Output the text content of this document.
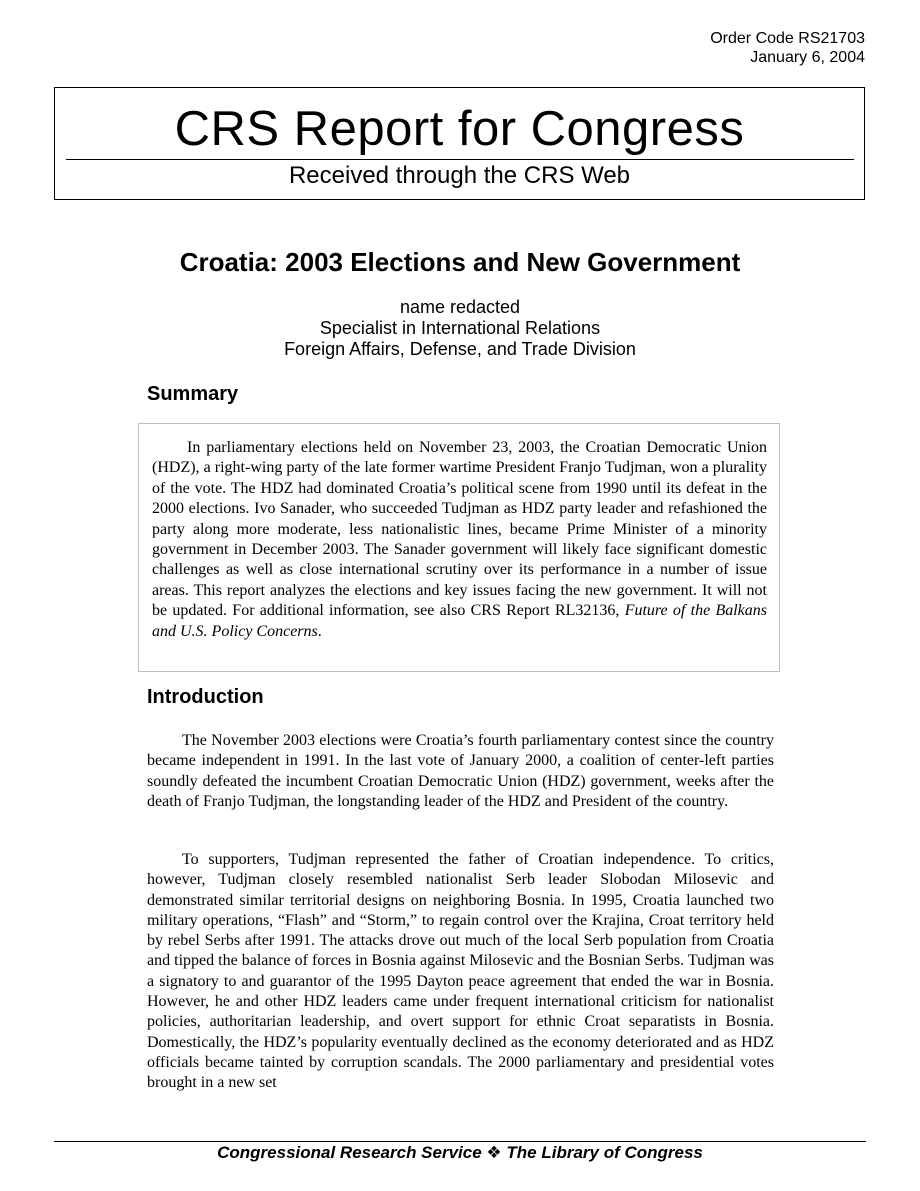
Order Code RS21703
January 6, 2004
CRS Report for Congress
Received through the CRS Web
Croatia: 2003 Elections and New Government
name redacted
Specialist in International Relations
Foreign Affairs, Defense, and Trade Division
Summary

In parliamentary elections held on November 23, 2003, the Croatian Democratic Union (HDZ), a right-wing party of the late former wartime President Franjo Tudjman, won a plurality of the vote. The HDZ had dominated Croatia’s political scene from 1990 until its defeat in the 2000 elections. Ivo Sanader, who succeeded Tudjman as HDZ party leader and refashioned the party along more moderate, less nationalistic lines, became Prime Minister of a minority government in December 2003. The Sanader government will likely face significant domestic challenges as well as close international scrutiny over its performance in a number of issue areas. This report analyzes the elections and key issues facing the new government. It will not be updated. For additional information, see also CRS Report RL32136, Future of the Balkans and U.S. Policy Concerns.

Introduction

The November 2003 elections were Croatia’s fourth parliamentary contest since the country became independent in 1991. In the last vote of January 2000, a coalition of center-left parties soundly defeated the incumbent Croatian Democratic Union (HDZ) government, weeks after the death of Franjo Tudjman, the longstanding leader of the HDZ and President of the country.

To supporters, Tudjman represented the father of Croatian independence. To critics, however, Tudjman closely resembled nationalist Serb leader Slobodan Milosevic and demonstrated similar territorial designs on neighboring Bosnia. In 1995, Croatia launched two military operations, “Flash” and “Storm,” to regain control over the Krajina, Croat territory held by rebel Serbs after 1991. The attacks drove out much of the local Serb population from Croatia and tipped the balance of forces in Bosnia against Milosevic and the Bosnian Serbs. Tudjman was a signatory to and guarantor of the 1995 Dayton peace agreement that ended the war in Bosnia. However, he and other HDZ leaders came under frequent international criticism for nationalist policies, authoritarian leadership, and overt support for ethnic Croat separatists in Bosnia. Domestically, the HDZ’s popularity eventually declined as the economy deteriorated and as HDZ officials became tainted by corruption scandals. The 2000 parliamentary and presidential votes brought in a new set

Congressional Research Service ❖ The Library of Congress
